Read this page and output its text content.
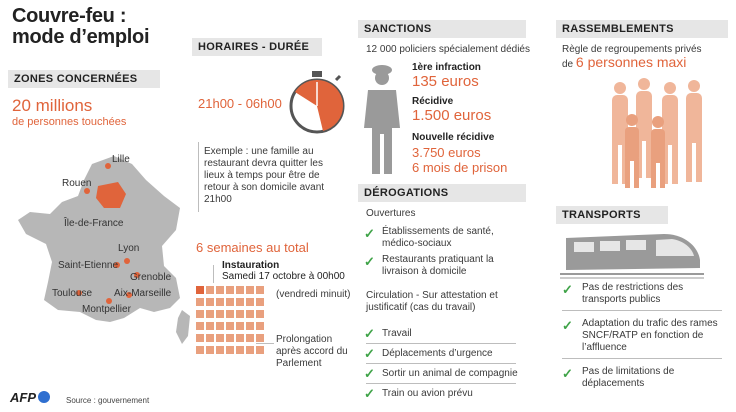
Couvre-feu :
mode d’emploi
ZONES CONCERNÉES
20 millions
de personnes touchées
Lille
Rouen
Île-de-France
Lyon
Saint-Etienne
Grenoble
Toulouse Aix-Marseille
Montpellier
HORAIRES - DURÉE
21h00 - 06h00
Exemple : une famille au restaurant devra quitter les lieux à temps pour être de retour à son domicile avant 21h00
6 semaines au total
Instauration
Samedi 17 octobre à 00h00
(vendredi minuit)
Prolongation après accord du Parlement
SANCTIONS
12 000 policiers spécialement dédiés
1ère infraction
135 euros
Récidive
1.500 euros
Nouvelle récidive
3.750 euros
6 mois de prison
DÉROGATIONS
Ouvertures
✓ Établissements de santé, médico-sociaux
✓ Restaurants pratiquant la livraison à domicile
Circulation - Sur attestation et justificatif (cas du travail)
✓ Travail
✓ Déplacements d’urgence
✓ Sortir un animal de compagnie
✓ Train ou avion prévu
RASSEMBLEMENTS
Règle de regroupements privés de 6 personnes maxi
TRANSPORTS
✓ Pas de restrictions des transports publics
✓ Adaptation du trafic des rames SNCF/RATP en fonction de l’affluence
✓ Pas de limitations de déplacements
AFP	Source : gouvernement
